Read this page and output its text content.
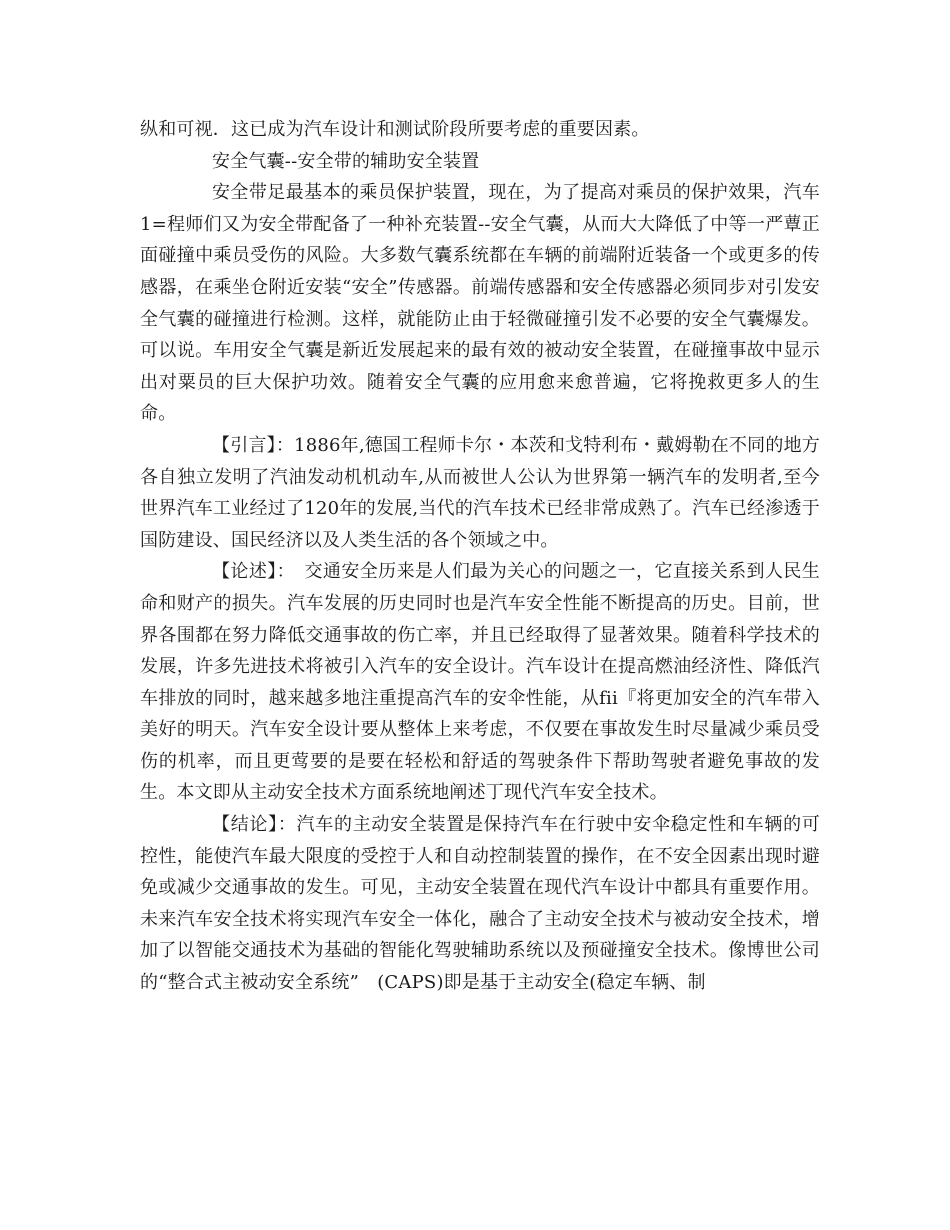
纵和可视．这已成为汽车设计和测试阶段所要考虑的重要因素。

安全气囊--安全带的辅助安全装置

安全带足最基本的乘员保护装置，现在，为了提高对乘员的保护效果，汽车1=程师们又为安全带配备了一种补充装置--安全气囊，从而大大降低了中等一严蕈正面碰撞中乘员受伤的风险。大多数气囊系统都在车辆的前端附近装备一个或更多的传感器，在乘坐仓附近安装“安全”传感器。前端传感器和安全传感器必须同步对引发安全气囊的碰撞进行检测。这样，就能防止由于轻微碰撞引发不必要的安全气囊爆发。可以说。车用安全气囊是新近发展起来的最有效的被动安全装置，在碰撞事故中显示出对粟员的巨大保护功效。随着安全气囊的应用愈来愈普遍，它将挽救更多人的生命。

【引言】：1886年,德国工程师卡尔・本茨和戈特利布・戴姆勒在不同的地方各自独立发明了汽油发动机机动车,从而被世人公认为世界第一辆汽车的发明者,至今世界汽车工业经过了120年的发展,当代的汽车技术已经非常成熟了。汽车已经渗透于国防建设、国民经济以及人类生活的各个领域之中。

【论述】：　交通安全历来是人们最为关心的问题之一，它直接关系到人民生命和财产的损失。汽车发展的历史同时也是汽车安全性能不断提高的历史。目前，世界各围都在努力降低交通事故的伤亡率，并且已经取得了显著效果。随着科学技术的发展，许多先进技术将被引入汽车的安全设计。汽车设计在提高燃油经济性、降低汽车排放的同时，越来越多地注重提高汽车的安伞性能，从fii『将更加安全的汽车带入美好的明天。汽车安全设计要从整体上来考虑，不仅要在事故发生时尽量减少乘员受伤的机率，而且更莺要的是要在轻松和舒适的驾驶条件下帮助驾驶者避免事故的发生。本文即从主动安全技术方面系统地阐述丁现代汽车安全技术。

【结论】：汽车的主动安全装置是保持汽车在行驶中安伞稳定性和车辆的可控性，能使汽车最大限度的受控于人和自动控制装置的操作，在不安全因素出现时避免或减少交通事故的发生。可见，主动安全装置在现代汽车设计中都具有重要作用。未来汽车安全技术将实现汽车安全一体化，融合了主动安全技术与被动安全技术，增加了以智能交通技术为基础的智能化驾驶辅助系统以及预碰撞安全技术。像博世公司的“整合式主被动安全系统”　(CAPS)即是基于主动安全(稳定车辆、制
